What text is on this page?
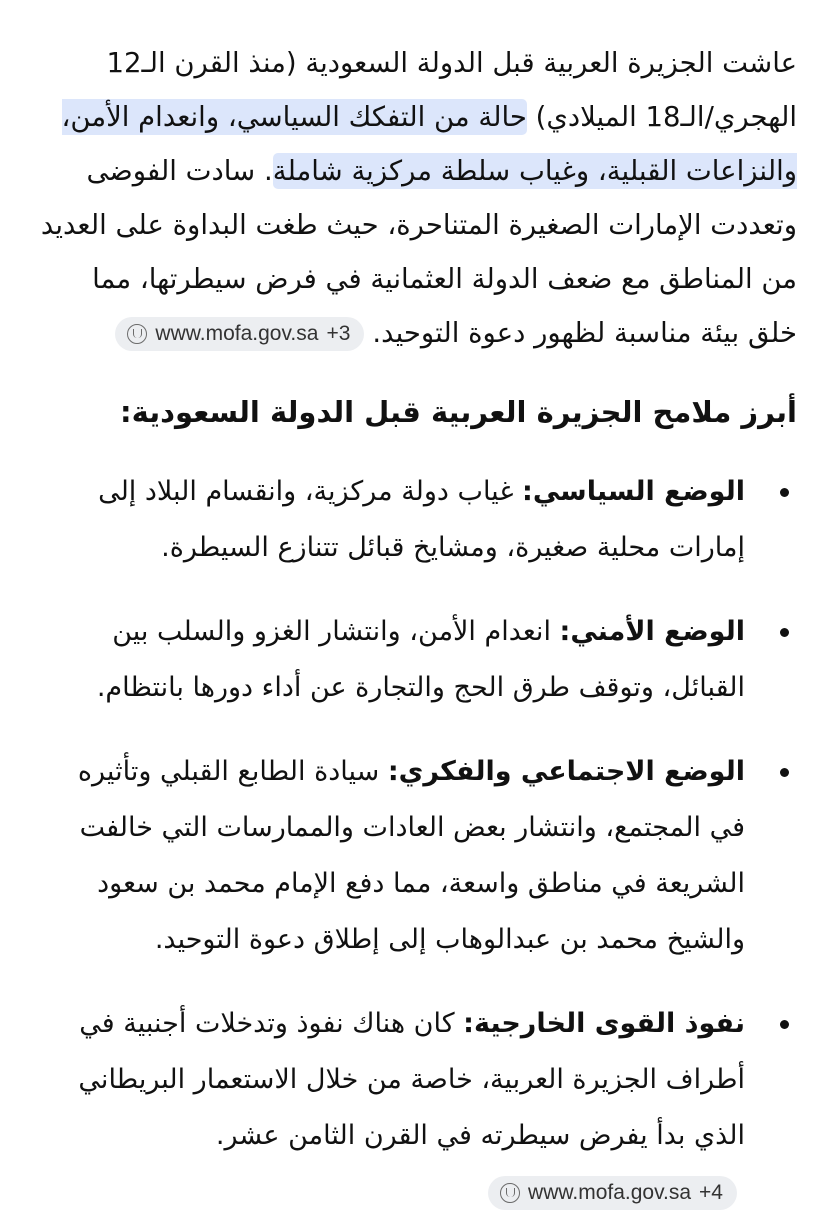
عاشت الجزيرة العربية قبل الدولة السعودية (منذ القرن الـ12 الهجري/الـ18 الميلادي) حالة من التفكك السياسي، وانعدام الأمن، والنزاعات القبلية، وغياب سلطة مركزية شاملة. سادت الفوضى وتعددت الإمارات الصغيرة المتناحرة، حيث طغت البداوة على العديد من المناطق مع ضعف الدولة العثمانية في فرض سيطرتها، مما خلق بيئة مناسبة لظهور دعوة التوحيد.
www.mofa.gov.sa +3

أبرز ملامح الجزيرة العربية قبل الدولة السعودية:
الوضع السياسي: غياب دولة مركزية، وانقسام البلاد إلى إمارات محلية صغيرة، ومشايخ قبائل تتنازع السيطرة.
الوضع الأمني: انعدام الأمن، وانتشار الغزو والسلب بين القبائل، وتوقف طرق الحج والتجارة عن أداء دورها بانتظام.
الوضع الاجتماعي والفكري: سيادة الطابع القبلي وتأثيره في المجتمع، وانتشار بعض العادات والممارسات التي خالفت الشريعة في مناطق واسعة، مما دفع الإمام محمد بن سعود والشيخ محمد بن عبدالوهاب إلى إطلاق دعوة التوحيد.
نفوذ القوى الخارجية: كان هناك نفوذ وتدخلات أجنبية في أطراف الجزيرة العربية، خاصة من خلال الاستعمار البريطاني الذي بدأ يفرض سيطرته في القرن الثامن عشر.
www.mofa.gov.sa +4
